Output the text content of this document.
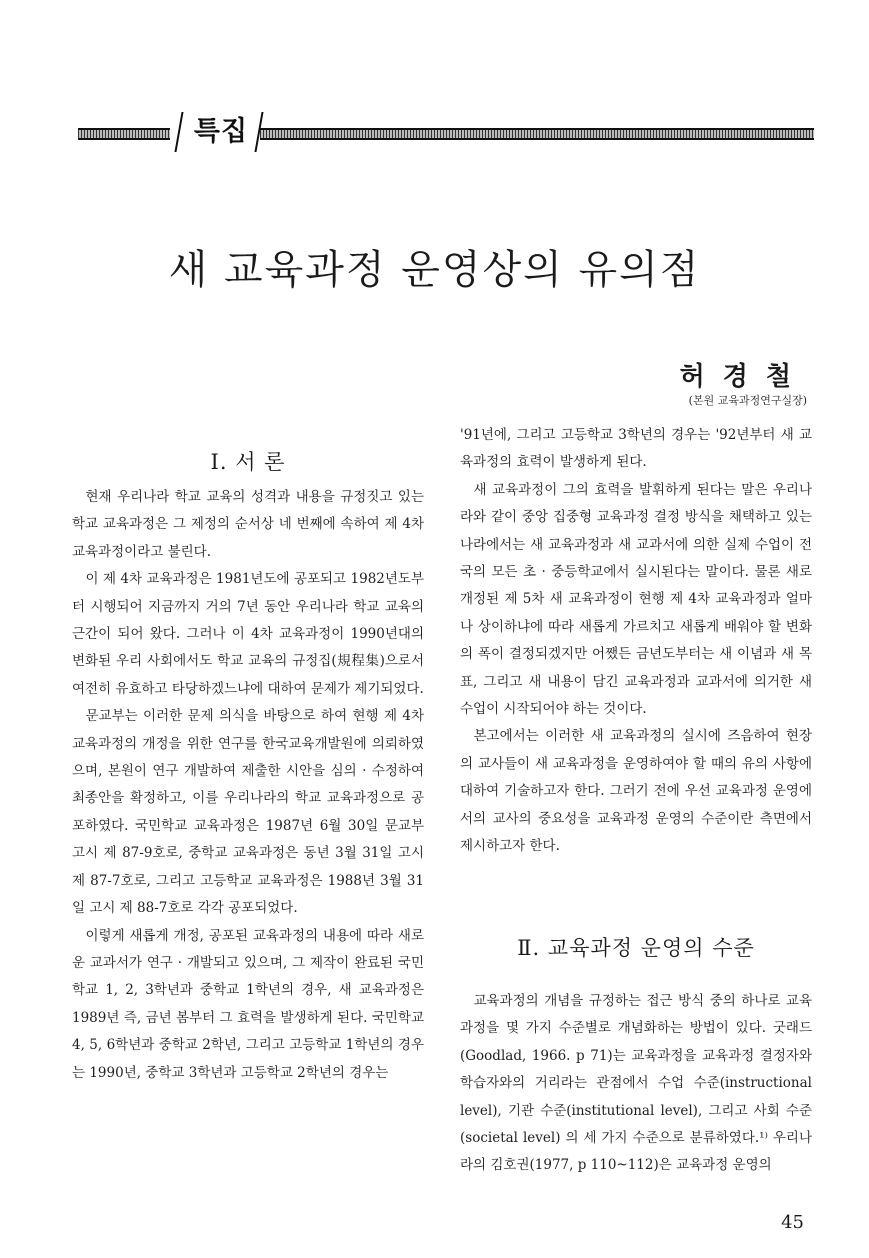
특집
새 교육과정 운영상의 유의점
허경철
(본원 교육과정연구실장)
Ⅰ. 서 론

현재 우리나라 학교 교육의 성격과 내용을 규정짓고 있는 학교 교육과정은 그 제정의 순서상 네 번째에 속하여 제 4차 교육과정이라고 불린다.

이 제 4차 교육과정은 1981년도에 공포되고 1982년도부터 시행되어 지금까지 거의 7년 동안 우리나라 학교 교육의 근간이 되어 왔다. 그러나 이 4차 교육과정이 1990년대의 변화된 우리 사회에서도 학교 교육의 규정집(規程集)으로서 여전히 유효하고 타당하겠느냐에 대하여 문제가 제기되었다.

문교부는 이러한 문제 의식을 바탕으로 하여 현행 제 4차 교육과정의 개정을 위한 연구를 한국교육개발원에 의뢰하였으며, 본원이 연구 개발하여 제출한 시안을 심의 · 수정하여 최종안을 확정하고, 이를 우리나라의 학교 교육과정으로 공포하였다. 국민학교 교육과정은 1987년 6월 30일 문교부 고시 제 87-9호로, 중학교 교육과정은 동년 3월 31일 고시 제 87-7호로, 그리고 고등학교 교육과정은 1988년 3월 31일 고시 제 88-7호로 각각 공포되었다.

이렇게 새롭게 개정, 공포된 교육과정의 내용에 따라 새로운 교과서가 연구 · 개발되고 있으며, 그 제작이 완료된 국민학교 1, 2, 3학년과 중학교 1학년의 경우, 새 교육과정은 1989년 즉, 금년 봄부터 그 효력을 발생하게 된다. 국민학교 4, 5, 6학년과 중학교 2학년, 그리고 고등학교 1학년의 경우는 1990년, 중학교 3학년과 고등학교 2학년의 경우는

'91년에, 그리고 고등학교 3학년의 경우는 '92년부터 새 교육과정의 효력이 발생하게 된다.

새 교육과정이 그의 효력을 발휘하게 된다는 말은 우리나라와 같이 중앙 집중형 교육과정 결정 방식을 채택하고 있는 나라에서는 새 교육과정과 새 교과서에 의한 실제 수업이 전국의 모든 초 · 중등학교에서 실시된다는 말이다. 물론 새로 개정된 제 5차 새 교육과정이 현행 제 4차 교육과정과 얼마나 상이하냐에 따라 새롭게 가르치고 새롭게 배워야 할 변화의 폭이 결정되겠지만 어쨌든 금년도부터는 새 이념과 새 목표, 그리고 새 내용이 담긴 교육과정과 교과서에 의거한 새 수업이 시작되어야 하는 것이다.

본고에서는 이러한 새 교육과정의 실시에 즈음하여 현장의 교사들이 새 교육과정을 운영하여야 할 때의 유의 사항에 대하여 기술하고자 한다. 그러기 전에 우선 교육과정 운영에서의 교사의 중요성을 교육과정 운영의 수준이란 측면에서 제시하고자 한다.

Ⅱ. 교육과정 운영의 수준

교육과정의 개념을 규정하는 접근 방식 중의 하나로 교육과정을 몇 가지 수준별로 개념화하는 방법이 있다. 굿래드(Goodlad, 1966. p 71)는 교육과정을 교육과정 결정자와 학습자와의 거리라는 관점에서 수업 수준(instructional level), 기관 수준(institutional level), 그리고 사회 수준(societal level) 의 세 가지 수준으로 분류하였다.¹⁾ 우리나라의 김호권(1977, p 110~112)은 교육과정 운영의

45
